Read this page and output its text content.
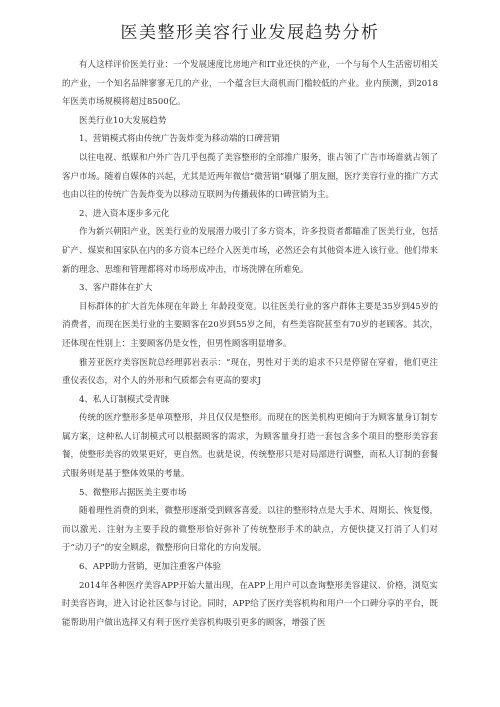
医美整形美容行业发展趋势分析

有人这样评价医美行业：一个发展速度比房地产和IT业还快的产业，一个与每个人生活密切相关的产业，一个知名品牌寥寥无几的产业，一个蕴含巨大商机而门槛较低的产业。业内预测，到2018年医美市场规模将超过8500亿。

医美行业10大发展趋势

1、营销模式将由传统广告轰炸变为移动端的口碑营销

以往电视、纸媒和户外广告几乎包揽了美容整形的全部推广服务，谁占领了广告市场谁就占领了客户市场。随着自媒体的兴起，尤其是近两年微信“微营销”刷爆了朋友圈，医疗美容行业的推广方式也由以往的传统广告轰炸变为以移动互联网为传播载体的口碑营销为主。

2、进入资本逐步多元化

作为新兴朝阳产业，医美行业的发展潜力吸引了多方资本，许多投资者都瞄准了医美行业，包括矿产、煤炭和国家队在内的多方资本已经介入医美市场，必然还会有其他资本进入该行业。他们带来新的理念、思维和管理都将对市场形成冲击，市场洗牌在所难免。

3、客户群体在扩大

目标群体的扩大首先体现在年龄上 年龄段变宽。以往医美行业的客户群体主要是35岁到45岁的消费者，而现在医美行业的主要顾客在20岁到55岁之间，有些美容院甚至有70岁的老顾客。其次，还体现在性别上：主要顾客仍是女性，但男性顾客明显增多。

雅芳亚医疗美容医院总经理郭岩表示：“现在，男性对于美的追求不只是停留在穿着，他们更注重仪表仪态，对个人的外形和气质都会有更高的要求J

4、私人订制模式受青睐

传统的医疗整形多是单项整形，并且仅仅是整形。而现在的医美机构更倾向于为顾客量身订制专属方案，这种私人订制模式可以根据顾客的需求，为顾客量身打造一套包含多个项目的整形美容套餐，使整形美容的效果更好，更自然。也就是说，传统整形只是对局部进行调整，而私人订制的套餐式服务则是基于整体效果的考量。

5、微整形占据医美主要市场

随着理性消费的到来，微整形逐渐受到顾客喜爱。以往的整形特点是大手术、周期长、恢复慢，而以激光、注射为主要手段的微整形恰好弥补了传统整形手术的缺点，方便快捷又打消了人们对于“动刀子”的安全顾虑，微整形向日常化的方向发展。

6、APP助力营销，更加注重客户体验

2014年各种医疗美容APP开始大量出现，在APP上用户可以查询整形美容建议、价格，浏览实时美容咨询，进入讨论社区参与讨论。同时，APP给了医疗美容机构和用户一个口碑分享的平台，既能帮助用户做出选择又有利于医疗美容机构吸引更多的顾客，增强了医
